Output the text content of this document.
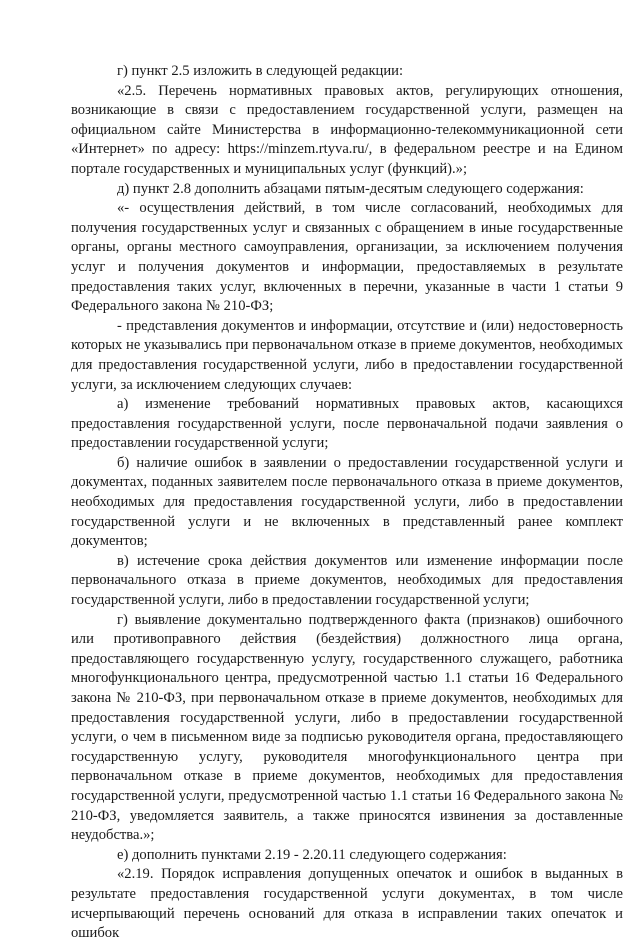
г) пункт 2.5 изложить в следующей редакции:

«2.5. Перечень нормативных правовых актов, регулирующих отношения, возникающие в связи с предоставлением государственной услуги, размещен на официальном сайте Министерства в информационно-телекоммуникационной сети «Интернет» по адресу: https://minzem.rtyva.ru/, в федеральном реестре и на Едином портале государственных и муниципальных услуг (функций).»;

д) пункт 2.8 дополнить абзацами пятым-десятым следующего содержания:

«- осуществления действий, в том числе согласований, необходимых для получения государственных услуг и связанных с обращением в иные государственные органы, органы местного самоуправления, организации, за исключением получения услуг и получения документов и информации, предоставляемых в результате предоставления таких услуг, включенных в перечни, указанные в части 1 статьи 9 Федерального закона № 210-ФЗ;

- представления документов и информации, отсутствие и (или) недостоверность которых не указывались при первоначальном отказе в приеме документов, необходимых для предоставления государственной услуги, либо в предоставлении государственной услуги, за исключением следующих случаев:

а) изменение требований нормативных правовых актов, касающихся предоставления государственной услуги, после первоначальной подачи заявления о предоставлении государственной услуги;

б) наличие ошибок в заявлении о предоставлении государственной услуги и документах, поданных заявителем после первоначального отказа в приеме документов, необходимых для предоставления государственной услуги, либо в предоставлении государственной услуги и не включенных в представленный ранее комплект документов;

в) истечение срока действия документов или изменение информации после первоначального отказа в приеме документов, необходимых для предоставления государственной услуги, либо в предоставлении государственной услуги;

г) выявление документально подтвержденного факта (признаков) ошибочного или противоправного действия (бездействия) должностного лица органа, предоставляющего государственную услугу, государственного служащего, работника многофункционального центра, предусмотренной частью 1.1 статьи 16 Федерального закона № 210-ФЗ, при первоначальном отказе в приеме документов, необходимых для предоставления государственной услуги, либо в предоставлении государственной услуги, о чем в письменном виде за подписью руководителя органа, предоставляющего государственную услугу, руководителя многофункционального центра при первоначальном отказе в приеме документов, необходимых для предоставления государственной услуги, предусмотренной частью 1.1 статьи 16 Федерального закона № 210-ФЗ, уведомляется заявитель, а также приносятся извинения за доставленные неудобства.»;

е) дополнить пунктами 2.19 - 2.20.11 следующего содержания:

«2.19. Порядок исправления допущенных опечаток и ошибок в выданных в результате предоставления государственной услуги документах, в том числе исчерпывающий перечень оснований для отказа в исправлении таких опечаток и ошибок
